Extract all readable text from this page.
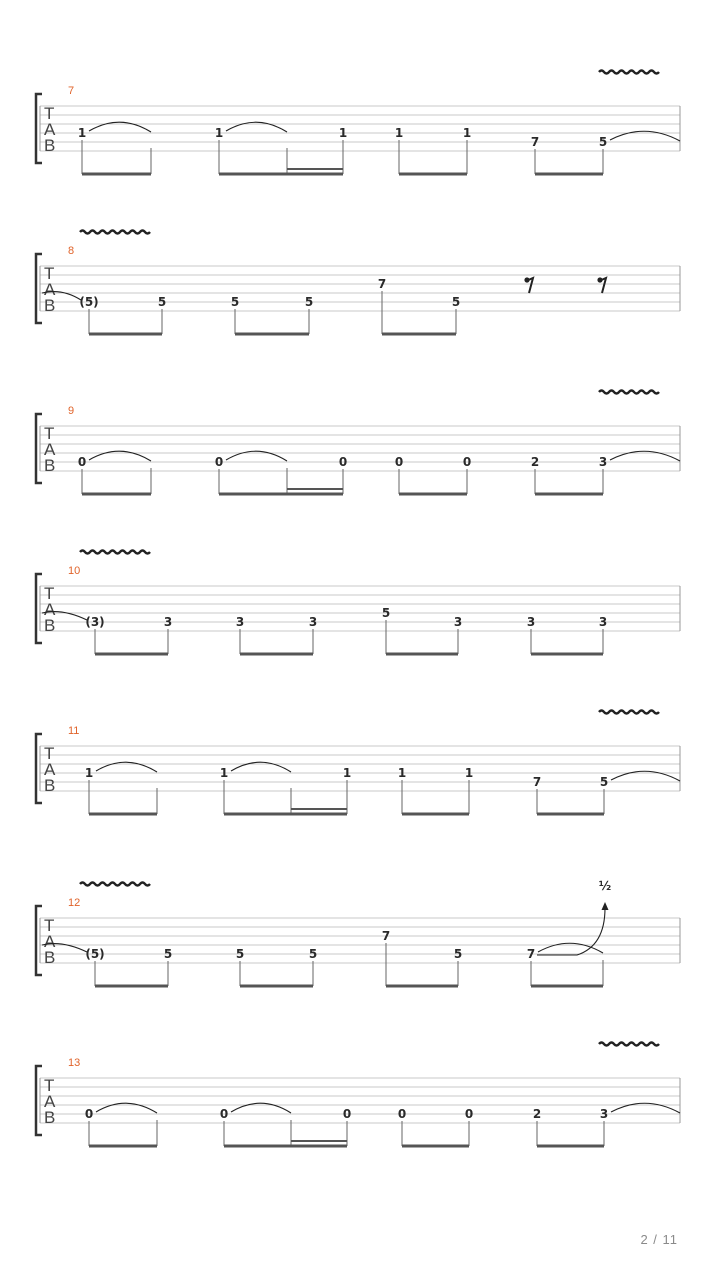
7
T
A
B
1	1	1	1	1
7	5
8
T
A
B (5)	5	5	5
7
5
9
T
A
B 0	0	0	0	0	2	3
10
T
A
B (3)	3	3	3
5
3	3	3
11
T
A
B
1	1	1	1	1
7	5
12
T
A
B (5)	5	5	5
7
5	7
½
13
T
A
B 0	0	0	0	0	2	3
2 / 11
